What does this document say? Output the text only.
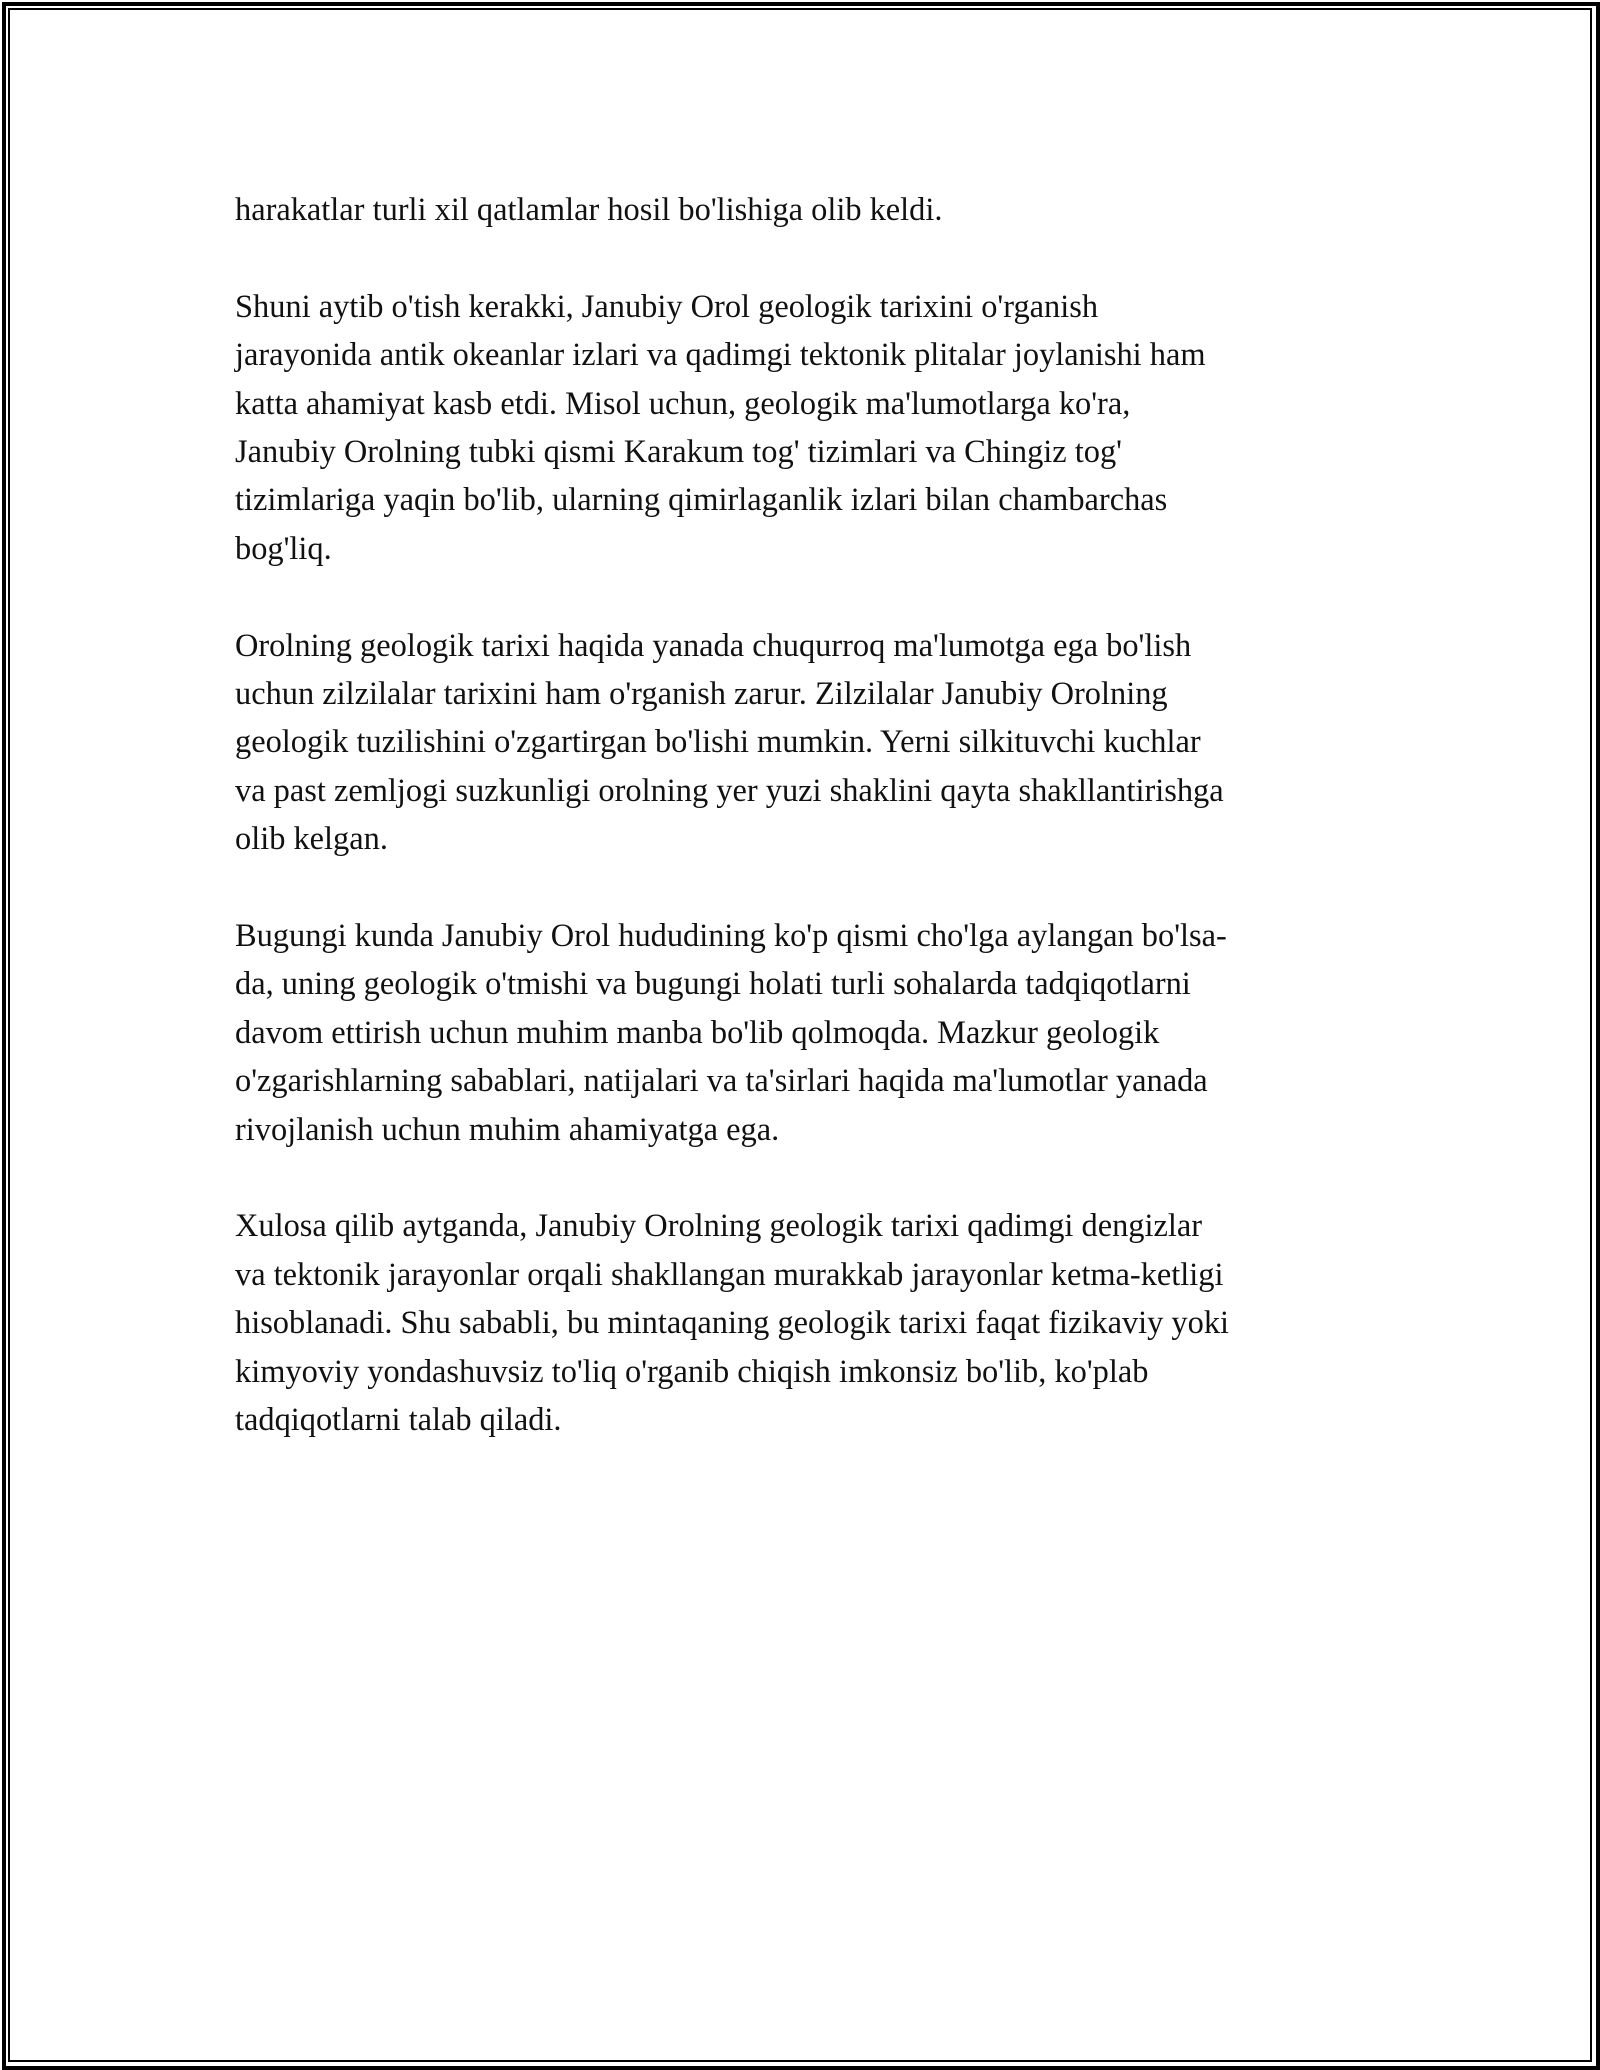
harakatlar turli xil qatlamlar hosil bo'lishiga olib keldi.

Shuni aytib o'tish kerakki, Janubiy Orol geologik tarixini o'rganish
jarayonida antik okeanlar izlari va qadimgi tektonik plitalar joylanishi ham
katta ahamiyat kasb etdi. Misol uchun, geologik ma'lumotlarga ko'ra,
Janubiy Orolning tubki qismi Karakum tog' tizimlari va Chingiz tog'
tizimlariga yaqin bo'lib, ularning qimirlaganlik izlari bilan chambarchas
bog'liq.

Orolning geologik tarixi haqida yanada chuqurroq ma'lumotga ega bo'lish
uchun zilzilalar tarixini ham o'rganish zarur. Zilzilalar Janubiy Orolning
geologik tuzilishini o'zgartirgan bo'lishi mumkin. Yerni silkituvchi kuchlar
va past zemljogi suzkunligi orolning yer yuzi shaklini qayta shakllantirishga
olib kelgan.

Bugungi kunda Janubiy Orol hududining ko'p qismi cho'lga aylangan bo'lsa-
da, uning geologik o'tmishi va bugungi holati turli sohalarda tadqiqotlarni
davom ettirish uchun muhim manba bo'lib qolmoqda. Mazkur geologik
o'zgarishlarning sabablari, natijalari va ta'sirlari haqida ma'lumotlar yanada
rivojlanish uchun muhim ahamiyatga ega.

Xulosa qilib aytganda, Janubiy Orolning geologik tarixi qadimgi dengizlar
va tektonik jarayonlar orqali shakllangan murakkab jarayonlar ketma-ketligi
hisoblanadi. Shu sababli, bu mintaqaning geologik tarixi faqat fizikaviy yoki
kimyoviy yondashuvsiz to'liq o'rganib chiqish imkonsiz bo'lib, ko'plab
tadqiqotlarni talab qiladi.
